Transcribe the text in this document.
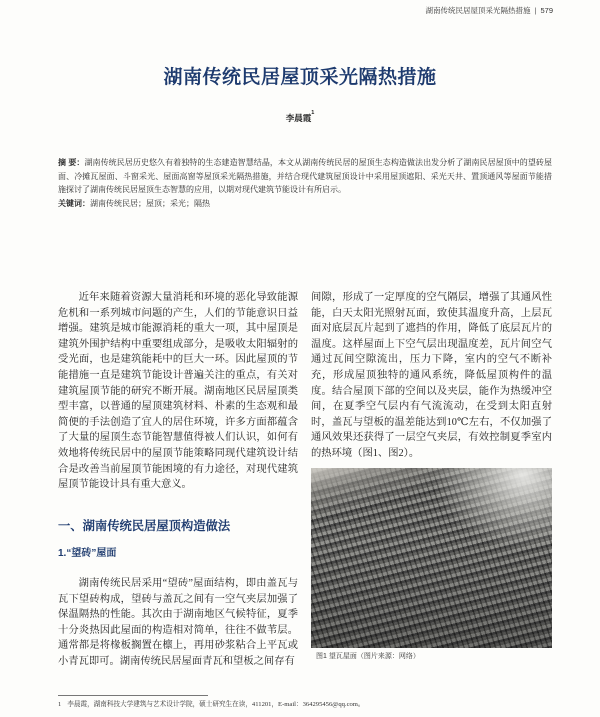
湖南传统民居屋顶采光隔热措施 | 579
湖南传统民居屋顶采光隔热措施
李晨霞$^1$
摘 要：湖南传统民居历史悠久有着独特的生态建造智慧结晶，本文从湖南传统民居的屋顶生态构造做法出发分析了湖南民居屋顶中的望砖屋面、冷摊瓦屋面、斗窗采光、屋面高窗等屋顶采光隔热措施，并结合现代建筑屋顶设计中采用屋顶遮阳、采光天井、置顶通风等屋面节能措施探讨了湖南传统民居屋顶生态智慧的应用，以期对现代建筑节能设计有所启示。
关键词：湖南传统民居；屋顶；采光；隔热

近年来随着资源大量消耗和环境的恶化导致能源危机和一系列城市问题的产生，人们的节能意识日益增强。建筑是城市能源消耗的重大一项，其中屋顶是建筑外围护结构中重要组成部分，是吸收太阳辐射的受光面，也是建筑能耗中的巨大一环。因此屋顶的节能措施一直是建筑节能设计普遍关注的重点，有关对建筑屋顶节能的研究不断开展。湖南地区民居屋顶类型丰富，以普通的屋顶建筑材料、朴素的生态观和最简便的手法创造了宜人的居住环境，许多方面都蕴含了大量的屋顶生态节能智慧值得被人们认识，如何有效地将传统民居中的屋顶节能策略同现代建筑设计结合是改善当前屋顶节能困境的有力途径，对现代建筑屋顶节能设计具有重大意义。

一、湖南传统民居屋顶构造做法
1.“望砖”屋面

湖南传统民居采用“望砖”屋面结构，即由盖瓦与瓦下望砖构成，望砖与盖瓦之间有一空气夹层加强了保温隔热的性能。其次由于湖南地区气候特征，夏季十分炎热因此屋面的构造相对简单，往往不做苇层。通常都是将椽板搁置在檩上，再用砂浆粘合上平瓦或小青瓦即可。湖南传统民居屋面青瓦和望板之间存有

间隙，形成了一定厚度的空气隔层，增强了其通风性能，白天太阳光照射瓦面，致使其温度升高，上层瓦面对底层瓦片起到了遮挡的作用，降低了底层瓦片的温度。这样屋面上下空气层出现温度差，瓦片间空气通过瓦间空隙流出，压力下降，室内的空气不断补充，形成屋顶独特的通风系统，降低屋顶构件的温度。结合屋顶下部的空间以及夹层，能作为热缓冲空间，在夏季空气层内有气流流动，在受到太阳直射时，盖瓦与望板的温差能达到10℃左右，不仅加强了通风效果还获得了一层空气夹层，有效控制夏季室内的热环境（图1、图2）。

图1 望瓦屋面（图片来源：网络）
1 李晨霞，湖南科技大学建筑与艺术设计学院，硕士研究生在读，411201，E-mail：364295456@qq.com。
